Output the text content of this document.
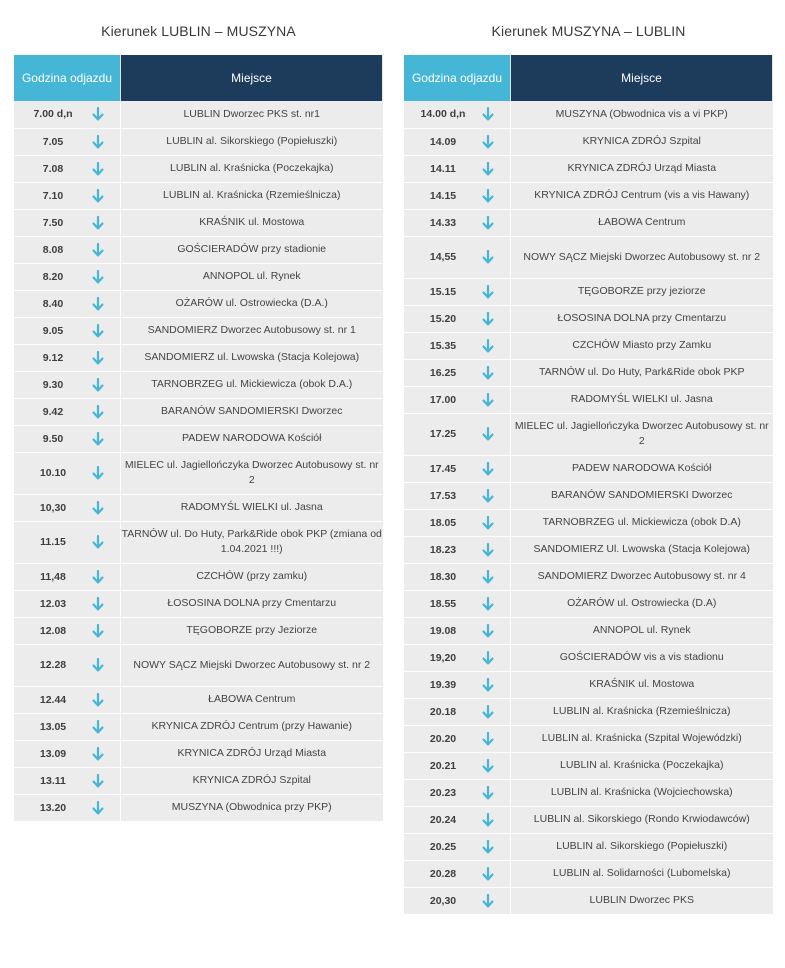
Kierunek LUBLIN – MUSZYNA
Godzina odjazdu	Miejsce

7.00 d,n	LUBLIN Dworzec PKS st. nr1

7.05	LUBLIN al. Sikorskiego (Popiełuszki)

7.08	LUBLIN al. Kraśnicka (Poczekajka)

7.10	LUBLIN al. Kraśnicka (Rzemieślnicza)

7.50	KRAŚNIK ul. Mostowa

8.08	GOŚCIERADÓW przy stadionie

8.20	ANNOPOL ul. Rynek

8.40	OŻARÓW ul. Ostrowiecka (D.A.)

9.05	SANDOMIERZ Dworzec Autobusowy st. nr 1

9.12	SANDOMIERZ ul. Lwowska (Stacja Kolejowa)

9.30	TARNOBRZEG ul. Mickiewicza (obok D.A.)

9.42	BARANÓW SANDOMIERSKI Dworzec

9.50	PADEW NARODOWA Kościół

10.10	MIELEC ul. Jagiellończyka Dworzec Autobusowy st. nr 2

10,30	RADOMYŚL WIELKI ul. Jasna

11.15	TARNÓW ul. Do Huty, Park&Ride obok PKP (zmiana od 1.04.2021 !!!)

11,48	CZCHÓW (przy zamku)

12.03	ŁOSOSINA DOLNA przy Cmentarzu

12.08	TĘGOBORZE przy Jeziorze

12.28	NOWY SĄCZ Miejski Dworzec Autobusowy st. nr 2

12.44	ŁABOWA Centrum

13.05	KRYNICA ZDRÓJ Centrum (przy Hawanie)

13.09	KRYNICA ZDRÓJ Urząd Miasta

13.11	KRYNICA ZDRÓJ Szpital

13.20	MUSZYNA (Obwodnica przy PKP)
Kierunek MUSZYNA – LUBLIN
Godzina odjazdu	Miejsce

14.00 d,n	MUSZYNA (Obwodnica vis a vi PKP)

14.09	KRYNICA ZDRÓJ Szpital

14.11	KRYNICA ZDRÓJ Urząd Miasta

14.15	KRYNICA ZDRÓJ Centrum (vis a vis Hawany)

14.33	ŁABOWA Centrum

14,55	NOWY SĄCZ Miejski Dworzec Autobusowy st. nr 2

15.15	TĘGOBORZE przy jeziorze

15.20	ŁOSOSINA DOLNA przy Cmentarzu

15.35	CZCHÓW Miasto przy Zamku

16.25	TARNÓW ul. Do Huty, Park&Ride obok PKP

17.00	RADOMYŚL WIELKI ul. Jasna

17.25	MIELEC ul. Jagiellończyka Dworzec Autobusowy st. nr 2

17.45	PADEW NARODOWA Kościół

17.53	BARANÓW SANDOMIERSKI Dworzec

18.05	TARNOBRZEG ul. Mickiewicza (obok D.A)

18.23	SANDOMIERZ Ul. Lwowska (Stacja Kolejowa)

18.30	SANDOMIERZ Dworzec Autobusowy st. nr 4

18.55	OŻARÓW ul. Ostrowiecka (D.A)

19.08	ANNOPOL ul. Rynek

19,20	GOŚCIERADÓW vis a vis stadionu

19.39	KRAŚNIK ul. Mostowa

20.18	LUBLIN al. Kraśnicka (Rzemieślnicza)

20.20	LUBLIN al. Kraśnicka (Szpital Wojewódzki)

20.21	LUBLIN al. Kraśnicka (Poczekajka)

20.23	LUBLIN al. Kraśnicka (Wojciechowska)

20.24	LUBLIN al. Sikorskiego (Rondo Krwiodawców)

20.25	LUBLIN al. Sikorskiego (Popiełuszki)

20.28	LUBLIN al. Solidarności (Lubomelska)

20,30	LUBLIN Dworzec PKS
